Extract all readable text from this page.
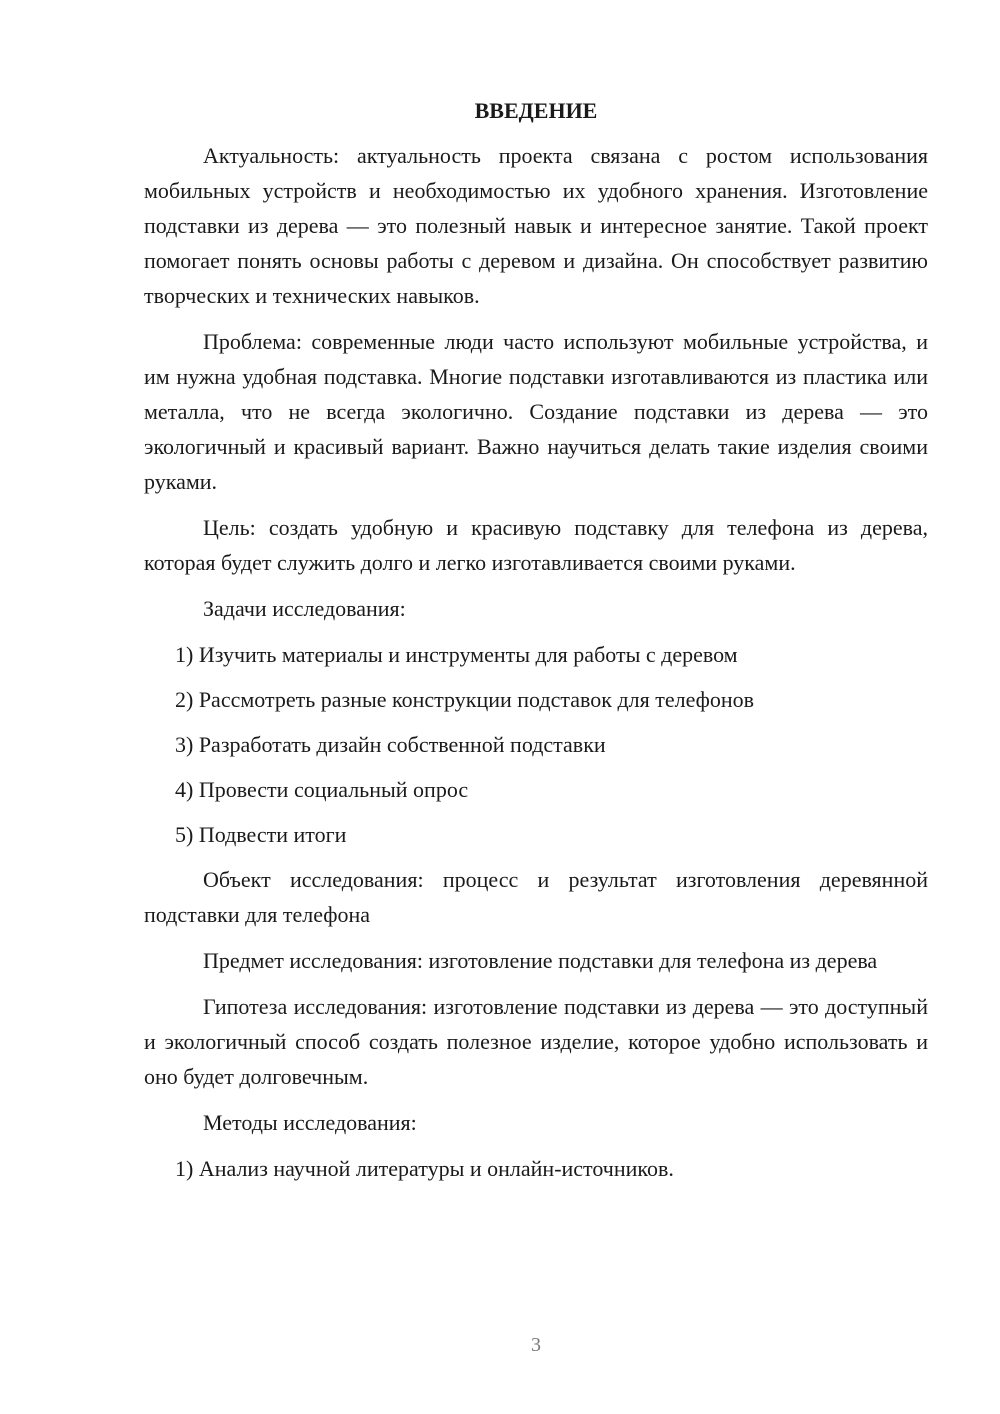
ВВЕДЕНИЕ

Актуальность: актуальность проекта связана с ростом использования мобильных устройств и необходимостью их удобного хранения. Изготовление подставки из дерева — это полезный навык и интересное занятие. Такой проект помогает понять основы работы с деревом и дизайна. Он способствует развитию творческих и технических навыков.

Проблема: современные люди часто используют мобильные устройства, и им нужна удобная подставка. Многие подставки изготавливаются из пластика или металла, что не всегда экологично. Создание подставки из дерева — это экологичный и красивый вариант. Важно научиться делать такие изделия своими руками.

Цель: создать удобную и красивую подставку для телефона из дерева, которая будет служить долго и легко изготавливается своими руками.

Задачи исследования:

1) Изучить материалы и инструменты для работы с деревом

2) Рассмотреть разные конструкции подставок для телефонов

3) Разработать дизайн собственной подставки

4) Провести социальный опрос

5) Подвести итоги

Объект исследования: процесс и результат изготовления деревянной подставки для телефона

Предмет исследования: изготовление подставки для телефона из дерева

Гипотеза исследования: изготовление подставки из дерева — это доступный и экологичный способ создать полезное изделие, которое удобно использовать и оно будет долговечным.

Методы исследования:

1) Анализ научной литературы и онлайн-источников.

3
